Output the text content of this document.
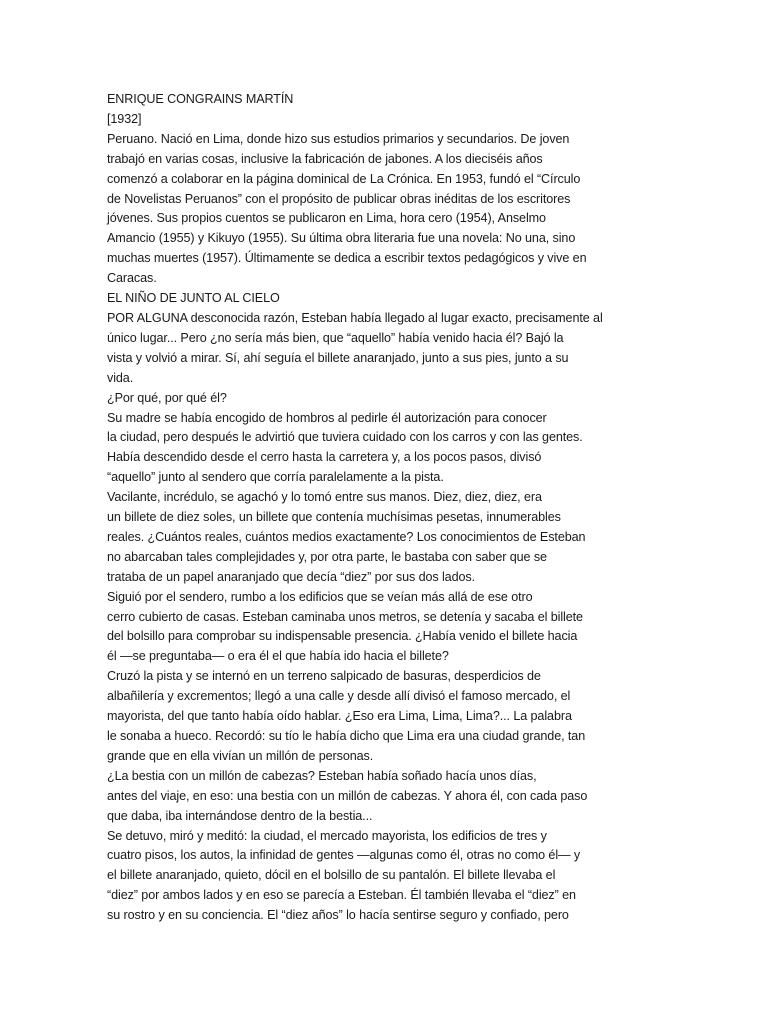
ENRIQUE CONGRAINS MARTÍN
[1932]
Peruano. Nació en Lima, donde hizo sus estudios primarios y secundarios. De joven
trabajó en varias cosas, inclusive la fabricación de jabones. A los dieciséis años
comenzó a colaborar en la página dominical de La Crónica. En 1953, fundó el “Círculo
de Novelistas Peruanos” con el propósito de publicar obras inéditas de los escritores
jóvenes. Sus propios cuentos se publicaron en Lima, hora cero (1954), Anselmo
Amancio (1955) y Kikuyo (1955). Su última obra literaria fue una novela: No una, sino
muchas muertes (1957). Últimamente se dedica a escribir textos pedagógicos y vive en
Caracas.
EL NIÑO DE JUNTO AL CIELO
POR ALGUNA desconocida razón, Esteban había llegado al lugar exacto, precisamente al
único lugar... Pero ¿no sería más bien, que “aquello” había venido hacia él? Bajó la
vista y volvió a mirar. Sí, ahí seguía el billete anaranjado, junto a sus pies, junto a su
vida.
¿Por qué, por qué él?
Su madre se había encogido de hombros al pedirle él autorización para conocer
la ciudad, pero después le advirtió que tuviera cuidado con los carros y con las gentes.
Había descendido desde el cerro hasta la carretera y, a los pocos pasos, divisó
“aquello” junto al sendero que corría paralelamente a la pista.
Vacilante, incrédulo, se agachó y lo tomó entre sus manos. Diez, diez, diez, era
un billete de diez soles, un billete que contenía muchísimas pesetas, innumerables
reales. ¿Cuántos reales, cuántos medios exactamente? Los conocimientos de Esteban
no abarcaban tales complejidades y, por otra parte, le bastaba con saber que se
trataba de un papel anaranjado que decía “diez” por sus dos lados.
Siguió por el sendero, rumbo a los edificios que se veían más allá de ese otro
cerro cubierto de casas. Esteban caminaba unos metros, se detenía y sacaba el billete
del bolsillo para comprobar su indispensable presencia. ¿Había venido el billete hacia
él —se preguntaba— o era él el que había ido hacia el billete?
Cruzó la pista y se internó en un terreno salpicado de basuras, desperdicios de
albañilería y excrementos; llegó a una calle y desde allí divisó el famoso mercado, el
mayorista, del que tanto había oído hablar. ¿Eso era Lima, Lima, Lima?... La palabra
le sonaba a hueco. Recordó: su tío le había dicho que Lima era una ciudad grande, tan
grande que en ella vivían un millón de personas.
¿La bestia con un millón de cabezas? Esteban había soñado hacía unos días,
antes del viaje, en eso: una bestia con un millón de cabezas. Y ahora él, con cada paso
que daba, iba internándose dentro de la bestia...
Se detuvo, miró y meditó: la ciudad, el mercado mayorista, los edificios de tres y
cuatro pisos, los autos, la infinidad de gentes —algunas como él, otras no como él— y
el billete anaranjado, quieto, dócil en el bolsillo de su pantalón. El billete llevaba el
“diez” por ambos lados y en eso se parecía a Esteban. Él también llevaba el “diez” en
su rostro y en su conciencia. El “diez años” lo hacía sentirse seguro y confiado, pero
